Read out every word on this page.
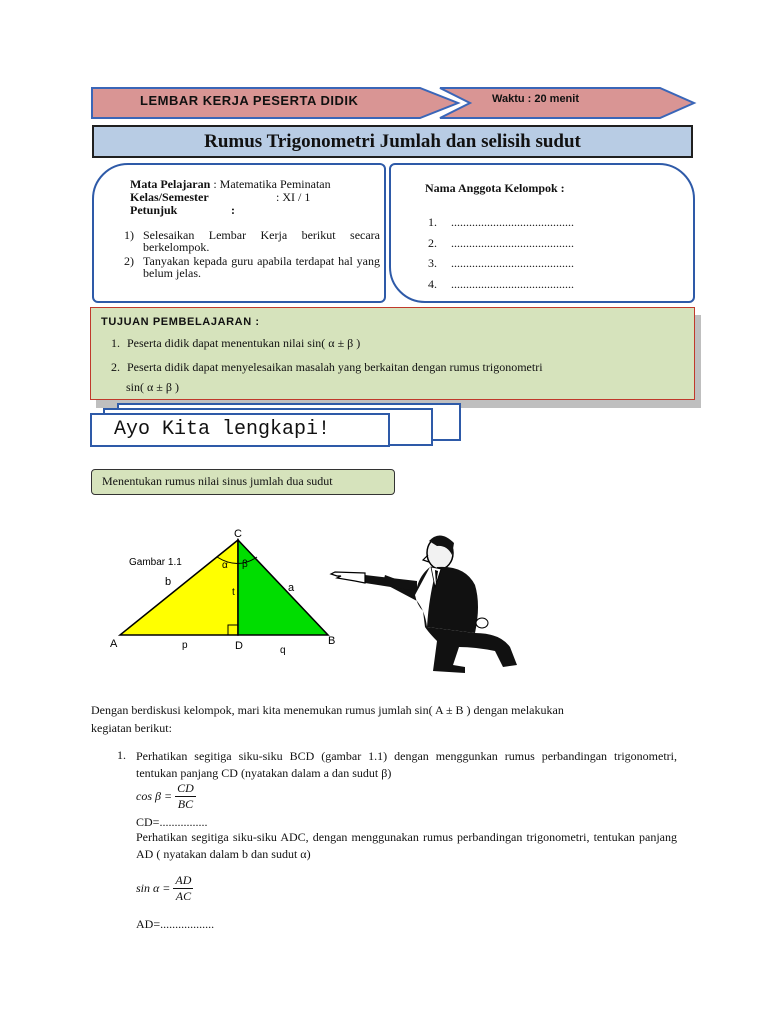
LEMBAR KERJA PESERTA DIDIK	Waktu : 20 menit
Rumus Trigonometri Jumlah dan selisih sudut
Mata Pelajaran : Matematika Peminatan
Kelas/Semester	: XI / 1
Petunjuk	:
1) Selesaikan Lembar Kerja berikut secara berkelompok.
2) Tanyakan kepada guru apabila terdapat hal yang belum jelas.
Nama Anggota Kelompok :
1. .........................................
2. .........................................
3. .........................................
4. .........................................
TUJUAN PEMBELAJARAN :
1. Peserta didik dapat menentukan nilai sin( α ± β )
2. Peserta didik dapat menyelesaikan masalah yang berkaitan dengan rumus trigonometri
sin( α ± β )
Ayo Kita lengkapi!
Menentukan rumus nilai sinus jumlah dua sudut
Gambar 1.1
C
A	B
D
α β
b	a
t
p	q
Dengan berdiskusi kelompok, mari kita menemukan rumus jumlah sin( A ± B ) dengan melakukan
kegiatan berikut:
1. Perhatikan segitiga siku-siku BCD (gambar 1.1) dengan menggunkan rumus perbandingan trigonometri, tentukan panjang CD (nyatakan dalam a dan sudut β)
$\cos \beta = \frac{CD}{BC}$
CD=................
Perhatikan segitiga siku-siku ADC, dengan menggunakan rumus perbandingan trigonometri, tentukan panjang AD ( nyatakan dalam b dan sudut α)
$\sin \alpha = \frac{AD}{AC}$
AD=..................
